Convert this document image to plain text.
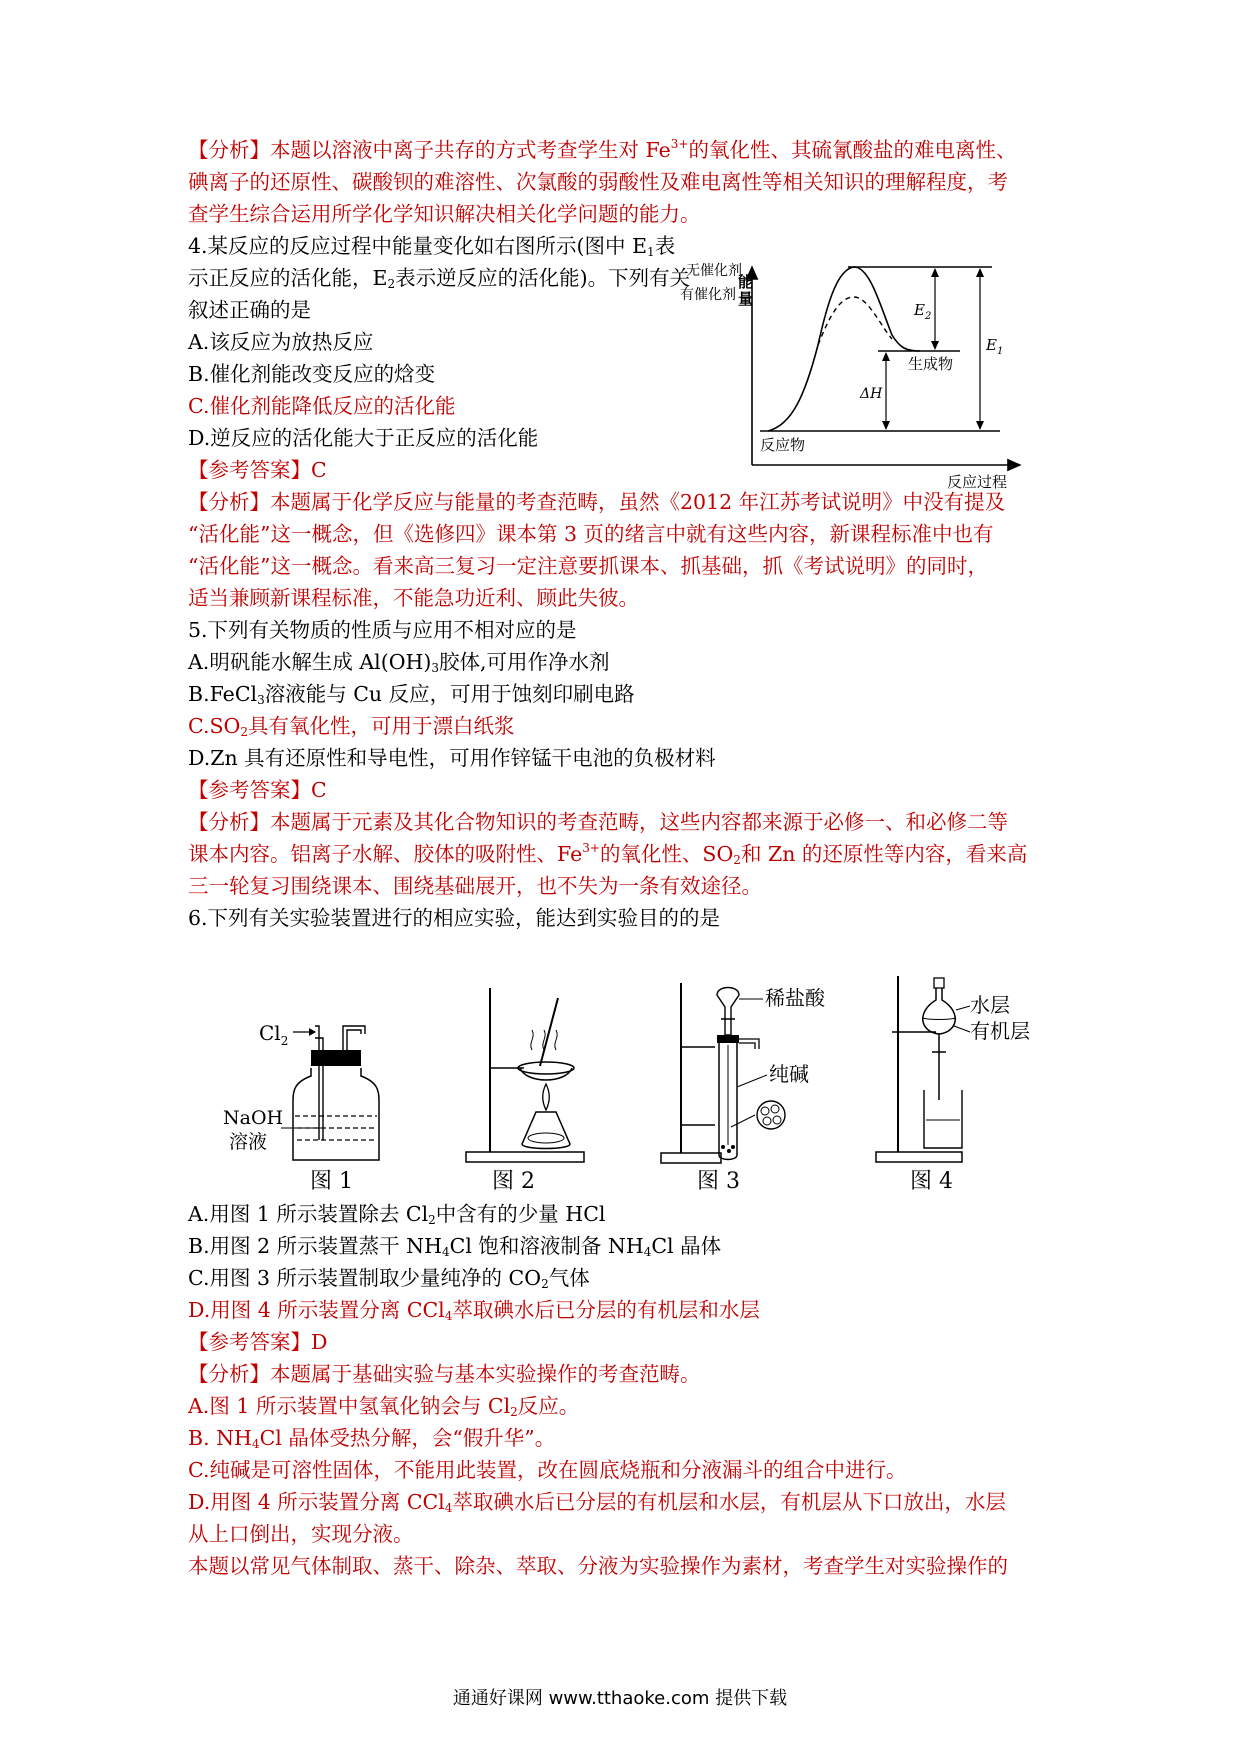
【分析】本题以溶液中离子共存的方式考查学生对 $Fe^{3+}$的氧化性、其硫氰酸盐的难电离性、
碘离子的还原性、碳酸钡的难溶性、次氯酸的弱酸性及难电离性等相关知识的理解程度，考
查学生综合运用所学化学知识解决相关化学问题的能力。
4.某反应的反应过程中能量变化如右图所示(图中 $E_1$表
示正反应的活化能，$E_2$表示逆反应的活化能)。下列有关
叙述正确的是
A.该反应为放热反应
B.催化剂能改变反应的焓变
C.催化剂能降低反应的活化能
D.逆反应的活化能大于正反应的活化能
【参考答案】C
【分析】本题属于化学反应与能量的考查范畴，虽然《2012 年江苏考试说明》中没有提及
“活化能”这一概念，但《选修四》课本第 3 页的绪言中就有这些内容，新课程标准中也有
“活化能”这一概念。看来高三复习一定注意要抓课本、抓基础，抓《考试说明》的同时，
适当兼顾新课程标准，不能急功近利、顾此失彼。
能 量
反应过程
反应物
生成物
无催化剂
有催化剂
$E_2$
$E_1$
ΔH
5.下列有关物质的性质与应用不相对应的是
A.明矾能水解生成 $Al(OH)_3$胶体,可用作净水剂
B.FeCl$_3$溶液能与 Cu 反应，可用于蚀刻印刷电路
$C.SO_2$具有氧化性，可用于漂白纸浆
D.Zn 具有还原性和导电性，可用作锌锰干电池的负极材料
【参考答案】C
【分析】本题属于元素及其化合物知识的考查范畴，这些内容都来源于必修一、和必修二等
课本内容。铝离子水解、胶体的吸附性、$Fe^{3+}$的氧化性、$SO_2$和 Zn 的还原性等内容，看来高
三一轮复习围绕课本、围绕基础展开，也不失为一条有效途径。
6.下列有关实验装置进行的相应实验，能达到实验目的的是
$Cl_2$
NaOH
溶液
稀盐酸
纯碱
水层
有机层
图 1	图 2	图 3	图 4
A.用图 1 所示装置除去 $Cl_2$中含有的少量 HCl
B.用图 2 所示装置蒸干 $NH_4Cl$ 饱和溶液制备 $NH_4Cl$ 晶体
C.用图 3 所示装置制取少量纯净的 $CO_2$气体
D.用图 4 所示装置分离 CCl$_4$萃取碘水后已分层的有机层和水层
【参考答案】D
【分析】本题属于基础实验与基本实验操作的考查范畴。
A.图 1 所示装置中氢氧化钠会与 $Cl_2$反应。
B. $NH_4Cl$ 晶体受热分解，会“假升华”。
C.纯碱是可溶性固体，不能用此装置，改在圆底烧瓶和分液漏斗的组合中进行。
D.用图 4 所示装置分离 CCl$_4$萃取碘水后已分层的有机层和水层，有机层从下口放出，水层
从上口倒出，实现分液。
本题以常见气体制取、蒸干、除杂、萃取、分液为实验操作为素材，考查学生对实验操作的
通通好课网 www.tthaoke.com 提供下载
